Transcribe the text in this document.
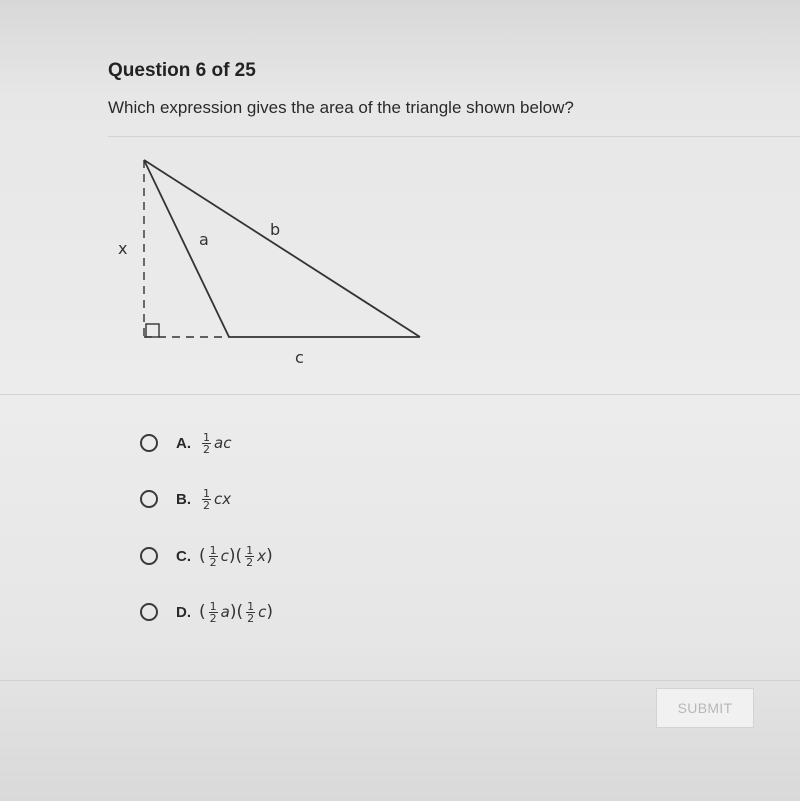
Question 6 of 25
Which expression gives the area of the triangle shown below?
x	a
b
c
A. $\frac{1}{2}$ ac
B. $\frac{1}{2}$ cx
C. ( $\frac{1}{2}$ c ) ( $\frac{1}{2}$ x )
D. ( $\frac{1}{2}$ a ) ( $\frac{1}{2}$ c )
SUBMIT
